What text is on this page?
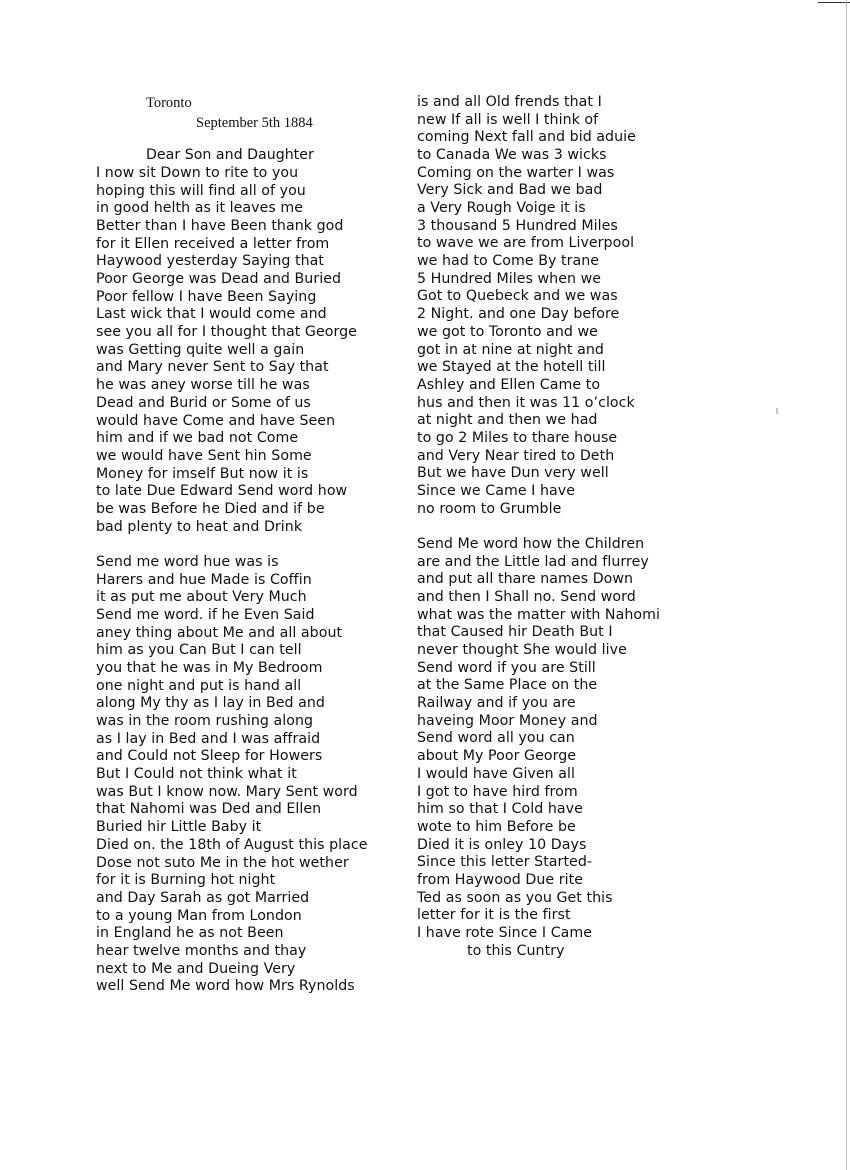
Toronto
September 5th 1884
Dear Son and Daughter
I now sit Down to rite to you
hoping this will find all of you
in good helth as it leaves me
Better than I have Been thank god
for it Ellen received a letter from
Haywood yesterday Saying that
Poor George was Dead and Buried
Poor fellow I have Been Saying
Last wick that I would come and
see you all for I thought that George
was Getting quite well a gain
and Mary never Sent to Say that
he was aney worse till he was
Dead and Burid or Some of us
would have Come and have Seen
him and if we bad not Come
we would have Sent hin Some
Money for imself But now it is
to late Due Edward Send word how
be was Before he Died and if be
bad plenty to heat and Drink
Send me word hue was is
Harers and hue Made is Coffin
it as put me about Very Much
Send me word. if he Even Said
aney thing about Me and all about
him as you Can But I can tell
you that he was in My Bedroom
one night and put is hand all
along My thy as I lay in Bed and
was in the room rushing along
as I lay in Bed and I was affraid
and Could not Sleep for Howers
But I Could not think what it
was But I know now. Mary Sent word
that Nahomi was Ded and Ellen
Buried hir Little Baby it
Died on. the 18th of August this place
Dose not suto Me in the hot wether
for it is Burning hot night
and Day Sarah as got Married
to a young Man from London
in England he as not Been
hear twelve months and thay
next to Me and Dueing Very
well Send Me word how Mrs Rynolds
is and all Old frends that I
new If all is well I think of
coming Next fall and bid aduie
to Canada We was 3 wicks
Coming on the warter I was
Very Sick and Bad we bad
a Very Rough Voige it is
3 thousand 5 Hundred Miles
to wave we are from Liverpool
we had to Come By trane
5 Hundred Miles when we
Got to Quebeck and we was
2 Night. and one Day before
we got to Toronto and we
got in at nine at night and
we Stayed at the hotell till
Ashley and Ellen Came to
hus and then it was 11 o’clock
at night and then we had
to go 2 Miles to thare house
and Very Near tired to Deth
But we have Dun very well
Since we Came I have
no room to Grumble
Send Me word how the Children
are and the Little lad and flurrey
and put all thare names Down
and then I Shall no. Send word
what was the matter with Nahomi
that Caused hir Death But I
never thought She would live
Send word if you are Still
at the Same Place on the
Railway and if you are
haveing Moor Money and
Send word all you can
about My Poor George
I would have Given all
I got to have hird from
him so that I Cold have
wote to him Before be
Died it is onley 10 Days
Since this letter Started-
from Haywood Due rite
Ted as soon as you Get this
letter for it is the first
I have rote Since I Came
to this Cuntry
